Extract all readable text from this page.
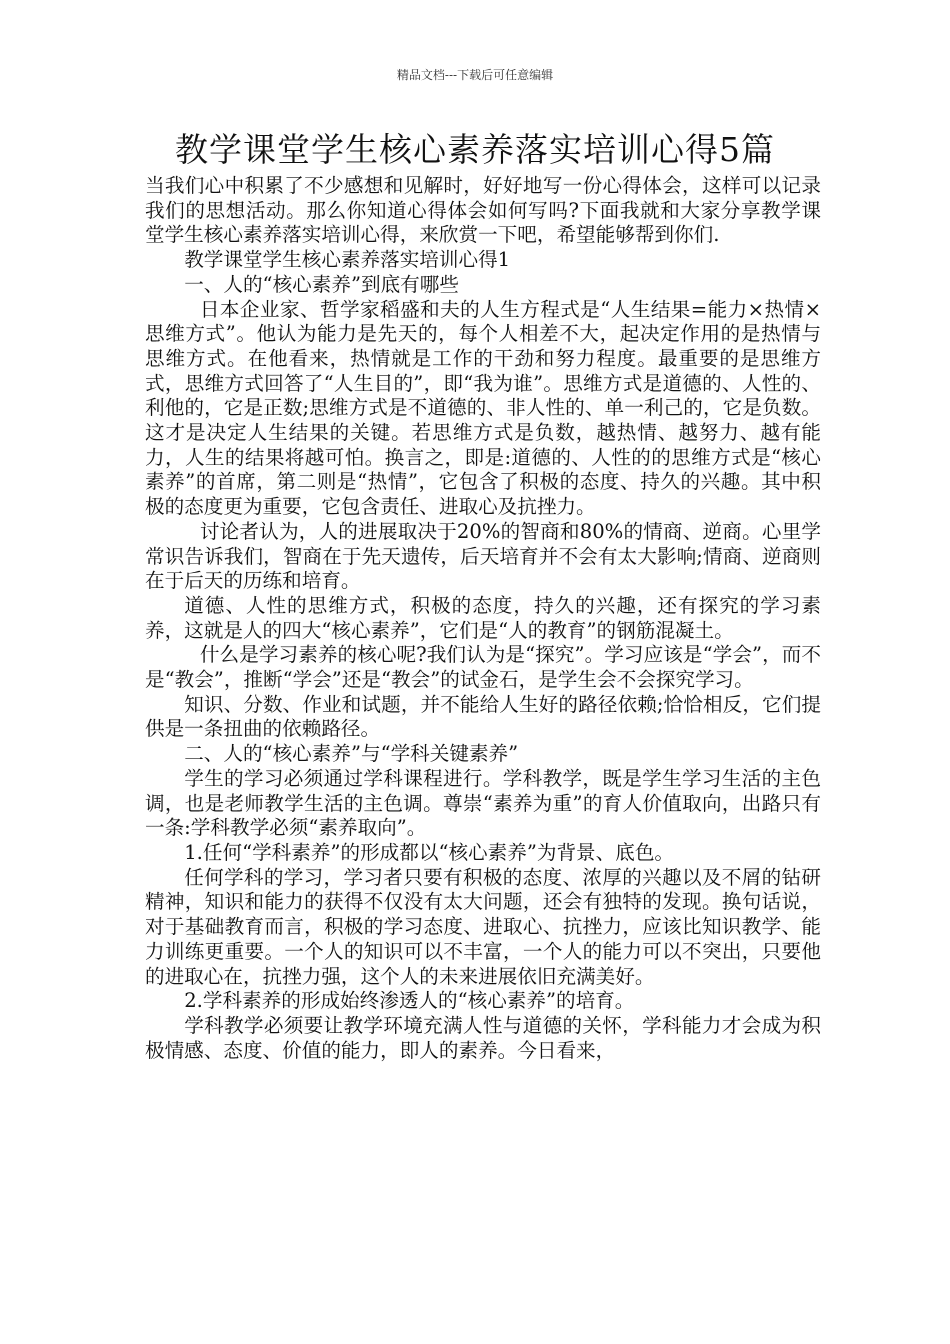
精品文档---下载后可任意编辑
教学课堂学生核心素养落实培训心得5篇

当我们心中积累了不少感想和见解时，好好地写一份心得体会，这样可以记录我们的思想活动。那么你知道心得体会如何写吗?下面我就和大家分享教学课堂学生核心素养落实培训心得，来欣赏一下吧，希望能够帮到你们.

教学课堂学生核心素养落实培训心得1

一、人的“核心素养”到底有哪些

日本企业家、哲学家稻盛和夫的人生方程式是“人生结果=能力×热情×思维方式”。他认为能力是先天的，每个人相差不大，起决定作用的是热情与思维方式。在他看来，热情就是工作的干劲和努力程度。最重要的是思维方式，思维方式回答了“人生目的”，即“我为谁”。思维方式是道德的、人性的、利他的，它是正数;思维方式是不道德的、非人性的、单一利己的，它是负数。这才是决定人生结果的关键。若思维方式是负数，越热情、越努力、越有能力，人生的结果将越可怕。换言之，即是:道德的、人性的的思维方式是“核心素养”的首席，第二则是“热情”，它包含了积极的态度、持久的兴趣。其中积极的态度更为重要，它包含责任、进取心及抗挫力。

讨论者认为，人的进展取决于20%的智商和80%的情商、逆商。心里学常识告诉我们，智商在于先天遗传，后天培育并不会有太大影响;情商、逆商则在于后天的历练和培育。

道德、人性的思维方式，积极的态度，持久的兴趣，还有探究的学习素养，这就是人的四大“核心素养”，它们是“人的教育”的钢筋混凝土。

什么是学习素养的核心呢?我们认为是“探究”。学习应该是“学会”，而不是“教会”，推断“学会”还是“教会”的试金石，是学生会不会探究学习。

知识、分数、作业和试题，并不能给人生好的路径依赖;恰恰相反，它们提供是一条扭曲的依赖路径。

二、人的“核心素养”与“学科关键素养”

学生的学习必须通过学科课程进行。学科教学，既是学生学习生活的主色调，也是老师教学生活的主色调。尊崇“素养为重”的育人价值取向，出路只有一条:学科教学必须“素养取向”。

1.任何“学科素养”的形成都以“核心素养”为背景、底色。

任何学科的学习，学习者只要有积极的态度、浓厚的兴趣以及不屑的钻研精神，知识和能力的获得不仅没有太大问题，还会有独特的发现。换句话说，对于基础教育而言，积极的学习态度、进取心、抗挫力，应该比知识教学、能力训练更重要。一个人的知识可以不丰富，一个人的能力可以不突出，只要他的进取心在，抗挫力强，这个人的未来进展依旧充满美好。

2.学科素养的形成始终渗透人的“核心素养”的培育。

学科教学必须要让教学环境充满人性与道德的关怀，学科能力才会成为积极情感、态度、价值的能力，即人的素养。今日看来，
